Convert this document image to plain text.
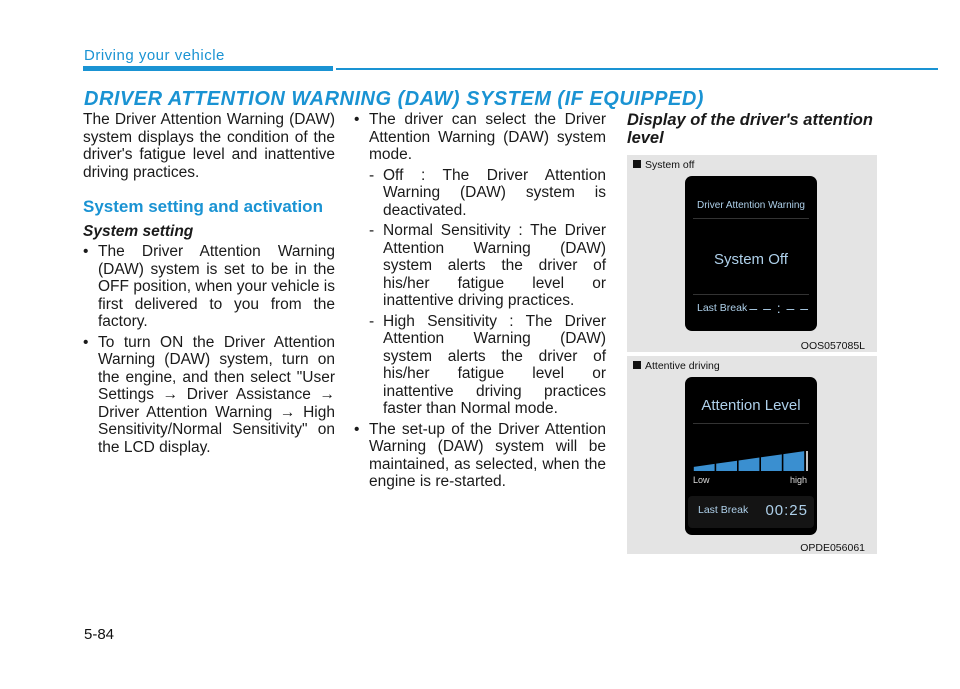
Driving your vehicle
DRIVER ATTENTION WARNING (DAW) SYSTEM (IF EQUIPPED)

The Driver Attention Warning (DAW) system displays the condition of the driver's fatigue level and inattentive driving practices.

System setting and activation
System setting
• The Driver Attention Warning (DAW) system is set to be in the OFF position, when your vehicle is first delivered to you from the factory.
• To turn ON the Driver Attention Warning (DAW) system, turn on the engine, and then select "User Settings → Driver Assistance → Driver Attention Warning → High Sensitivity/Normal Sensitivity" on the LCD display.
• The driver can select the Driver Attention Warning (DAW) system mode.
- Off : The Driver Attention Warning (DAW) system is deactivated.
- Normal Sensitivity : The Driver Attention Warning (DAW) system alerts the driver of his/her fatigue level or inattentive driving practices.
- High Sensitivity : The Driver Attention Warning (DAW) system alerts the driver of his/her fatigue level or inattentive driving practices faster than Normal mode.
• The set-up of the Driver Attention Warning (DAW) system will be maintained, as selected, when the engine is re-started.
Display of the driver's attention level
System off
Driver Attention Warning
System Off
Last Break – – : – –
OOS057085L
Attentive driving
Attention Level
Low	high
Last Break 00:25
OPDE056061
5-84
